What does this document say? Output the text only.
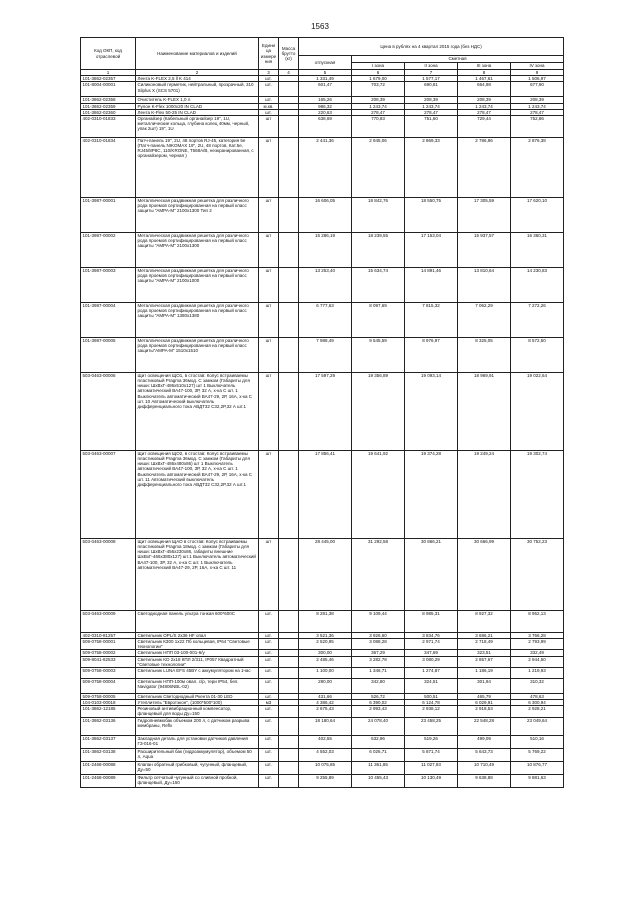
1563
Код ОКП, код отраслевой	Наименование материалов и изделий	Едини ца измере ния	Масса брутто (кг)	Цена в рублях на 4 квартал 2015 года (без НДС)				
				отпускная	Сметная			
					I зона	II зона	III зона	IV зона
1	2	3	4	5	6	7	8	9
101-3862-02357	Лента K-FLEX 2,5 ll K 414	шт.		1 331,49	1 679,00	1 577,17	1 467,61	1 506,97
101-8004-00001	Силиконовый герметик, нейтральный, прозрачный, 310 Silplus X (SCS 5701)	шт.		601,47	703,72	690,81	664,98	677,90
101-3862-02358	Очиститель K-FLEX 1,0 л	шт.		165,26	208,39	208,39	208,39	208,39
101-3862-02359	Рулон K-Flex 1000х20 IN CLAD	м.кв.		986,32	1 243,74	1 243,74	1 243,74	1 243,74
101-3862-02360	Лента K-Flex 50-25 IN CLAD	шт.		220,63	278,47	278,47	278,47	278,47
402-0310-01833	Органайзер (Кабельный органайзер 19", 1U, металлические кольца, глубина колец 40мм, черный, упак 2шт) 19", 1U	шт		638,69	770,83	751,60	729,44	752,86
402-0310-01834	Патч-панель 19", 2U, 48 портов RJ-45, категория 5е (Патч-панель NIKOMAX 19", 2U, 48 портов, Кат.5е, RJ45/8P8C, 110/KRONE, T568A/B, неэкранированная, с органайзером, черная )	шт		2 441,36	2 945,06	2 869,33	2 786,96	2 876,38
101-3987-00001	Металлическая раздвижная решетка для различного рода проемов сертифицированная на первый класс защиты "АМРА-М" 2100х1300 Тип 2	шт		16 606,05	18 842,76	18 550,75	17 305,59	17 620,10
101-3987-00002	Металлическая раздвижная решетка для различного рода проемов сертифицированная на первый класс защиты "АМРА-М" 2100х1300	шт		15 286,19	18 239,55	17 153,04	15 937,57	16 360,31
101-3987-00003	Металлическая раздвижная решетка для различного рода проемов сертифицированная на первый класс защиты "АМРА-М" 2100х1000	шт		13 253,40	15 634,74	14 891,46	13 810,64	14 230,83
101-3987-00004	Металлическая раздвижная решетка для различного рода проемов сертифицированная на первый класс защиты "АМРА-М" 1380х1380	шт		6 777,63	8 097,69	7 815,32	7 062,29	7 272,26
101-3987-00005	Металлическая раздвижная решетка для различного рода проемов сертифицированная на первый класс защиты"АМРА-М" 1510х1510	шт		7 988,49	9 545,59	8 976,97	8 325,05	8 572,50
503-0463-00006	Щит освещения ЩО1, в стостав: Копус встраиваемы пластиковый Pragma 36мод. С замком (Габариты для ниши: ШхВхГ-486х510х127) шт 1 Выключатель автоматический ВА47-100, 3Р, 32 А, х-ка С шт. 1 Выключатель автоматический ВА47-29, 2Р, 16А, х-ка С шт. 10 Автоматический выключатель дифференциального тока АВДТ32 С32,2Р,32 А шт.1	шт		17 597,29	19 356,89	19 093,14	18 969,91	19 022,64
503-0463-00007	Щит освещения ЩО2, в стостав: Копус встраиваемы пластиковый Pragma 36мод. С замком (Габариты для ниши: ШхВхГ-486х480х86) шт 1 Выключатель автоматический ВА47-100, 3Р, 32 А, х-ка С шт. 1 Выключатель автоматический ВА47-29, 2Р, 16А, х-ка С шт. 11 Автоматический выключатель дифференциального тока АВДТ32 С32,2Р,32 А шт.1	шт		17 856,41	19 641,92	19 374,28	19 249,24	19 302,74
503-0463-00008	Щит освещения ЩАО в стостав: Копус встраиваемы пластиковый Pragma 18мод. с замком (Габариты для ниши: ШхВхГ-456х230х86, габариты внешние ШхВхГ-466х380х127) шт.1 Выключатель автоматический ВА47-100, 3Р, 32 А, х-ка С шт. 1 Выключатель автоматический ВА47-29, 2Р, 16А, х-ка С шт. 11	шт		28 445,00	31 292,58	30 866,21	30 666,99	30 752,23
503-0463-00009	Светодиодная панель ультра тонкая 600*600С	шт.		8 281,38	9 109,44	8 985,31	8 927,32	8 952,13
402-0310-81257	Светильник OPL/S 2х36 HF опал	шт.		3 521,36	3 926,60	3 834,76	3 686,21	3 766,28
509-0758-00001	Светильник КЗ00 1х22 Пб кольцевая, IP64 "Световые технологии"	шт.		2 520,95	3 088,28	2 971,74	2 718,49	2 793,99
509-0758-00002	Светильник НПП 03-100-001-6/у	шт.		300,00	367,29	347,69	323,51	332,49
509-8041-82533	Светильник KD 2х18 КПЛ 2/311, IP057 Квадратный "Световые технологии"	шт.		2 485,46	3 282,78	3 080,29	2 857,67	2 944,50
509-0758-00003	Светильник LUNA EFS 45BY с аккумулятором на 1час	шт.		1 100,00	1 346,71	1 274,87	1 186,19	1 219,93
509-0758-00004	Светильник НПП-100м овал. с/р, тери IP54, бел. Navigator (94806NBL-02)	шт.		280,00	342,80	324,51	301,94	310,32
509-0758-00005	Светильник Светодиодный Ркента 01-30 LED	шт.		431,66	526,72	500,51	465,79	478,63
104-0103-00018	Утеплитель "Евротэкон", (1000*500*100)	м3		4 386,42	6 390,02	6 124,78	6 029,91	6 300,94
101-3862-12185	Резиновый антивибрационный компенсатор, фланцевый для воды Ду=150	шт.		2 675,43	2 993,43	2 938,12	2 918,53	2 928,21
101-3862-03136	Гидропневмобак объемом 200 л, с датчиком разрыва мембраны, Reflx	шт.		18 180,64	24 078,40	23 458,25	22 548,28	23 049,64
101-3862-03137	Закладная деталь для установки датчиков давления ГЗ-016-01	шт.		402,55	532,96	519,26	499,09	510,16
101-3862-03138	Расширительный бак (гидроаккумулятор), объемом 50 л, Aqua	шт.		4 552,03	6 026,71	5 871,74	5 643,73	5 769,22
101-2468-00088	Клапан обратный грибковый, чугунный, фланцевый, Ду=50	шт.		10 075,85	11 361,85	11 027,93	10 710,49	10 876,77
101-2468-00089	Фильтр сетчатый чугунный со сливной пробкой, фланцевый, Ду=150	шт.		9 255,89	10 455,43	10 130,49	9 638,88	9 881,63
